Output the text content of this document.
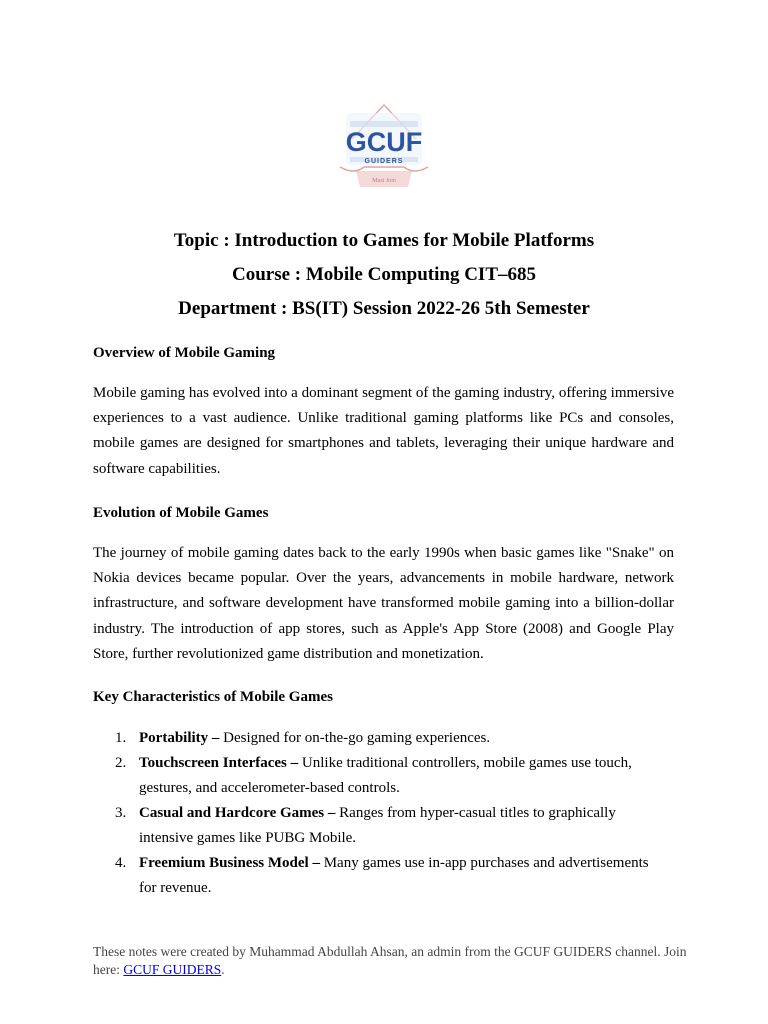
GCUF
GUIDERS
Must Join

Topic : Introduction to Games for Mobile Platforms

Course : Mobile Computing CIT–685

Department : BS(IT) Session 2022-26 5th Semester

Overview of Mobile Gaming

Mobile gaming has evolved into a dominant segment of the gaming industry, offering immersive experiences to a vast audience. Unlike traditional gaming platforms like PCs and consoles, mobile games are designed for smartphones and tablets, leveraging their unique hardware and software capabilities.

Evolution of Mobile Games

The journey of mobile gaming dates back to the early 1990s when basic games like "Snake" on Nokia devices became popular. Over the years, advancements in mobile hardware, network infrastructure, and software development have transformed mobile gaming into a billion-dollar industry. The introduction of app stores, such as Apple's App Store (2008) and Google Play Store, further revolutionized game distribution and monetization.

Key Characteristics of Mobile Games
1. Portability – Designed for on-the-go gaming experiences.
2. Touchscreen Interfaces – Unlike traditional controllers, mobile games use touch, gestures, and accelerometer-based controls.
3. Casual and Hardcore Games – Ranges from hyper-casual titles to graphically intensive games like PUBG Mobile.
4. Freemium Business Model – Many games use in-app purchases and advertisements for revenue.
These notes were created by Muhammad Abdullah Ahsan, an admin from the GCUF GUIDERS channel. Join here: GCUF GUIDERS.
